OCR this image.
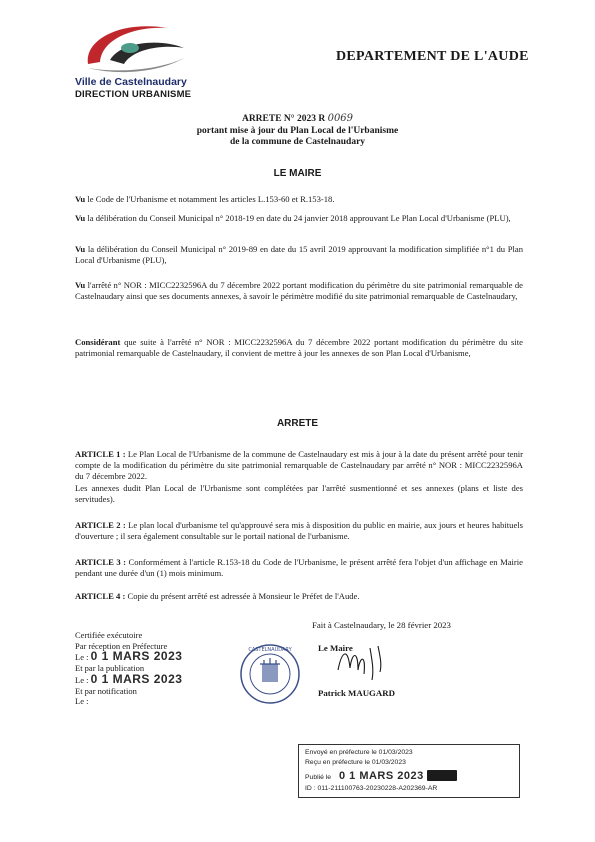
Ville de Castelnaudary
DIRECTION URBANISME
DEPARTEMENT DE L'AUDE
ARRETE N° 2023 R 0069
portant mise à jour du Plan Local de l'Urbanisme
de la commune de Castelnaudary
LE MAIRE
Vu le Code de l'Urbanisme et notamment les articles L.153-60 et R.153-18.
Vu la délibération du Conseil Municipal n° 2018-19 en date du 24 janvier 2018 approuvant Le Plan Local d'Urbanisme (PLU),
Vu la délibération du Conseil Municipal n° 2019-89 en date du 15 avril 2019 approuvant la modification simplifiée n°1 du Plan Local d'Urbanisme (PLU),
Vu l'arrêté n° NOR : MICC2232596A du 7 décembre 2022 portant modification du périmètre du site patrimonial remarquable de Castelnaudary ainsi que ses documents annexes, à savoir le périmètre modifié du site patrimonial remarquable de Castelnaudary,
Considérant que suite à l'arrêté n° NOR : MICC2232596A du 7 décembre 2022 portant modification du périmètre du site patrimonial remarquable de Castelnaudary, il convient de mettre à jour les annexes de son Plan Local d'Urbanisme,
ARRETE
ARTICLE 1 : Le Plan Local de l'Urbanisme de la commune de Castelnaudary est mis à jour à la date du présent arrêté pour tenir compte de la modification du périmètre du site patrimonial remarquable de Castelnaudary par arrêté n° NOR : MICC2232596A du 7 décembre 2022.
Les annexes dudit Plan Local de l'Urbanisme sont complétées par l'arrêté susmentionné et ses annexes (plans et liste des servitudes).
ARTICLE 2 : Le plan local d'urbanisme tel qu'approuvé sera mis à disposition du public en mairie, aux jours et heures habituels d'ouverture ; il sera également consultable sur le portail national de l'urbanisme.
ARTICLE 3 : Conformément à l'article R.153-18 du Code de l'Urbanisme, le présent arrêté fera l'objet d'un affichage en Mairie pendant une durée d'un (1) mois minimum.
ARTICLE 4 : Copie du présent arrêté est adressée à Monsieur le Préfet de l'Aude.
Fait à Castelnaudary, le 28 février 2023
Le Maire
Patrick MAUGARD
CASTELNAUDARY
Certifiée exécutoire
Par réception en Préfecture
Le : 0 1 MARS 2023
Et par la publication
Le : 0 1 MARS 2023
Et par notification
Le :
Envoyé en préfecture le 01/03/2023
Reçu en préfecture le 01/03/2023
Publié le 0 1 MARS 2023
ID : 011-211100763-20230228-A202369-AR
